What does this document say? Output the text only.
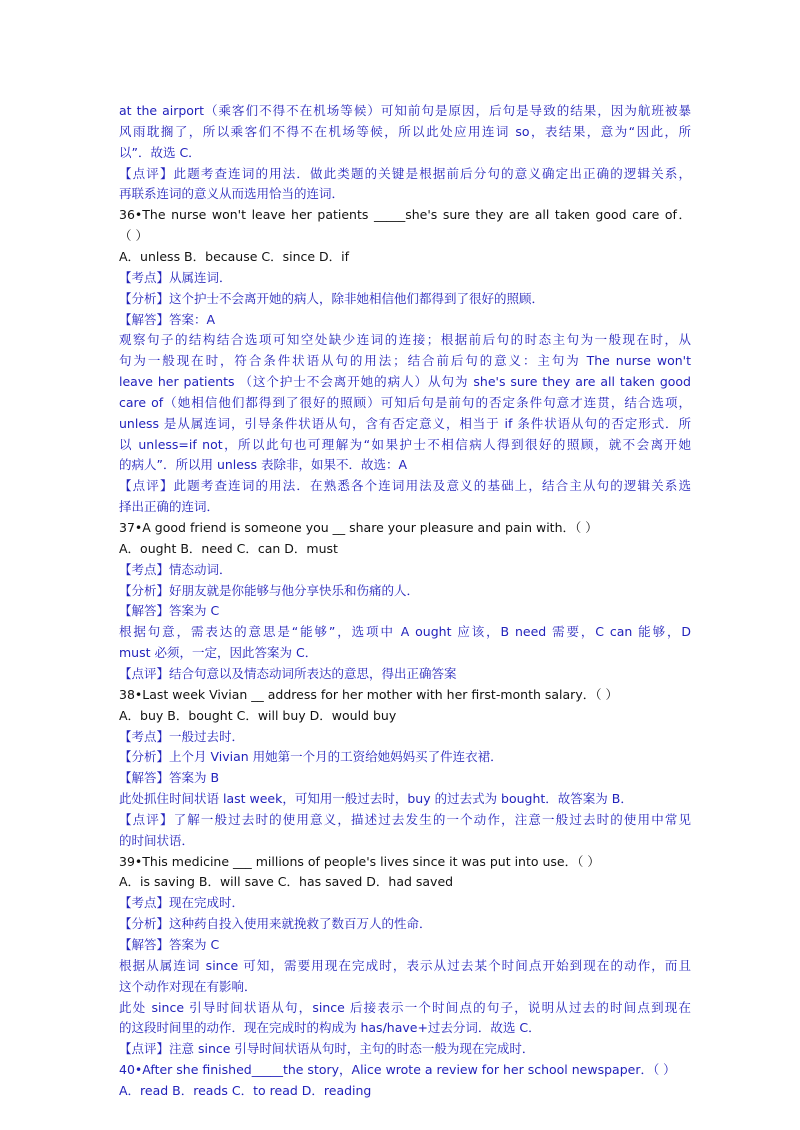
at the airport（乘客们不得不在机场等候）可知前句是原因，后句是导致的结果，因为航班被暴
风雨耽搁了，所以乘客们不得不在机场等候，所以此处应用连词 so，表结果，意为“因此，所
以”．故选 C．
【点评】此题考查连词的用法．做此类题的关键是根据前后分句的意义确定出正确的逻辑关系，
再联系连词的意义从而选用恰当的连词．
36•The nurse won't leave her patients _____she's sure they are all taken good care of．
（ ）
A．unless B．because C．since D．if
【考点】从属连词．
【分析】这个护士不会离开她的病人，除非她相信他们都得到了很好的照顾．
【解答】答案：A
观察句子的结构结合选项可知空处缺少连词的连接；根据前后句的时态主句为一般现在时，从
句为一般现在时，符合条件状语从句的用法；结合前后句的意义：主句为 The nurse won't
leave her patients （这个护士不会离开她的病人）从句为 she's sure they are all taken good
care of（她相信他们都得到了很好的照顾）可知后句是前句的否定条件句意才连贯，结合选项，
unless 是从属连词，引导条件状语从句，含有否定意义，相当于 if 条件状语从句的否定形式．所
以 unless=if not，所以此句也可理解为“如果护士不相信病人得到很好的照顾，就不会离开她
的病人”．所以用 unless 表除非，如果不．故选：A
【点评】此题考查连词的用法．在熟悉各个连词用法及意义的基础上，结合主从句的逻辑关系选
择出正确的连词．
37•A good friend is someone you __ share your pleasure and pain with．（ ）
A．ought B．need C．can D．must
【考点】情态动词．
【分析】好朋友就是你能够与他分享快乐和伤痛的人．
【解答】答案为 C
根据句意，需表达的意思是“能够”，选项中 A ought 应该，B need 需要，C can 能够，D
must 必须，一定，因此答案为 C．
【点评】结合句意以及情态动词所表达的意思，得出正确答案
38•Last week Vivian __ address for her mother with her first-month salary．（ ）
A．buy B．bought C．will buy D．would buy
【考点】一般过去时．
【分析】上个月 Vivian 用她第一个月的工资给她妈妈买了件连衣裙．
【解答】答案为 B
此处抓住时间状语 last week，可知用一般过去时，buy 的过去式为 bought．故答案为 B．
【点评】了解一般过去时的使用意义，描述过去发生的一个动作，注意一般过去时的使用中常见
的时间状语．
39•This medicine ___ millions of people's lives since it was put into use．（ ）
A．is saving B．will save C．has saved D．had saved
【考点】现在完成时．
【分析】这种药自投入使用来就挽救了数百万人的性命．
【解答】答案为 C
根据从属连词 since 可知，需要用现在完成时，表示从过去某个时间点开始到现在的动作，而且
这个动作对现在有影响．
此处 since 引导时间状语从句，since 后接表示一个时间点的句子，说明从过去的时间点到现在
的这段时间里的动作．现在完成时的构成为 has/have+过去分词．故选 C．
【点评】注意 since 引导时间状语从句时，主句的时态一般为现在完成时．
40•After she finished_____the story，Alice wrote a review for her school newspaper．（ ）
A．read B．reads C．to read D．reading
